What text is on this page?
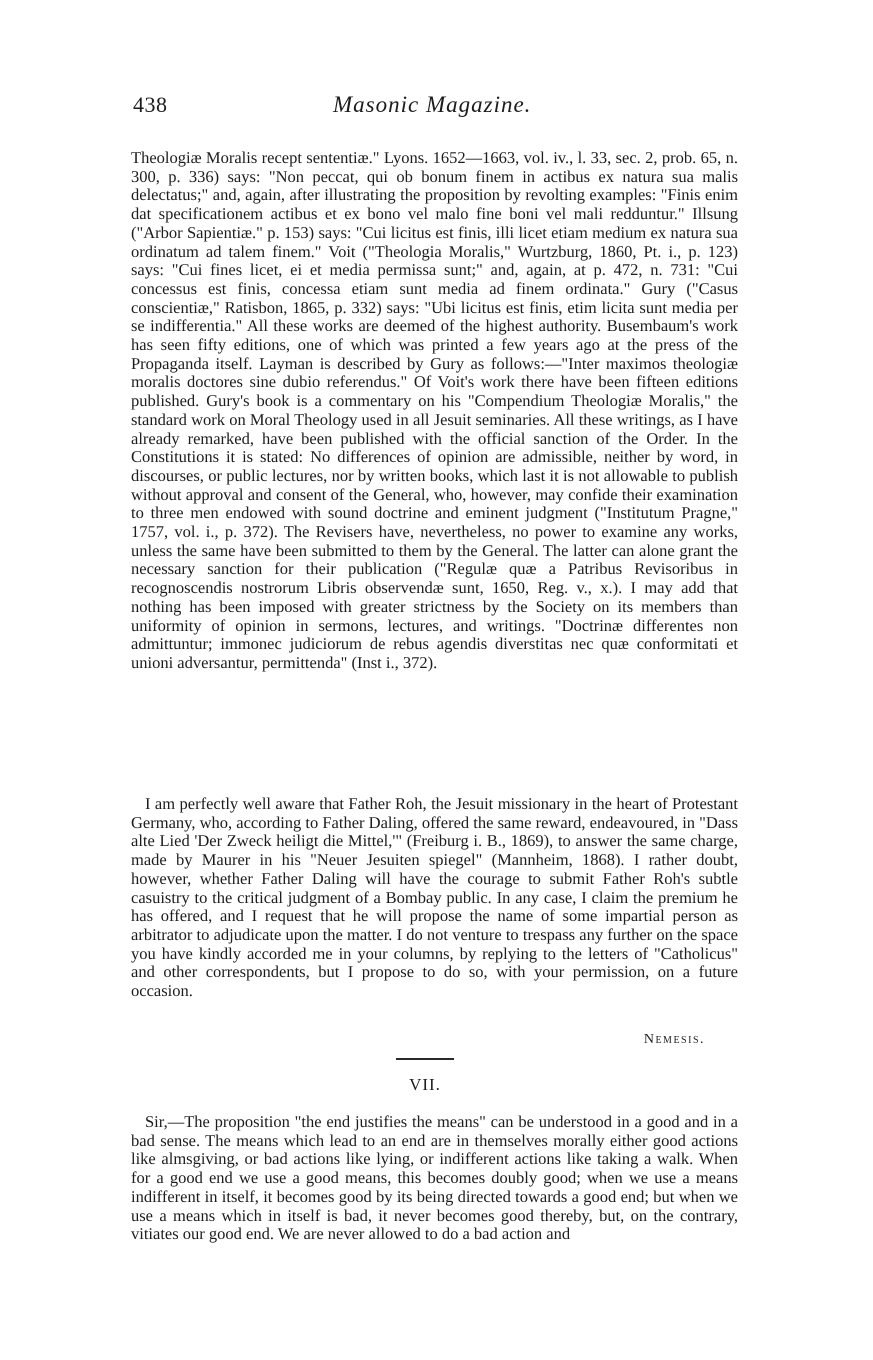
438	Masonic Magazine.

Theologiæ Moralis recept sententiæ." Lyons. 1652—1663, vol. iv., l. 33, sec. 2, prob. 65, n. 300, p. 336) says: "Non peccat, qui ob bonum finem in actibus ex natura sua malis delectatus;" and, again, after illustrating the proposition by revolting examples: "Finis enim dat specificationem actibus et ex bono vel malo fine boni vel mali redduntur." Illsung ("Arbor Sapientiæ." p. 153) says: "Cui licitus est finis, illi licet etiam medium ex natura sua ordinatum ad talem finem." Voit ("Theologia Moralis," Wurtzburg, 1860, Pt. i., p. 123) says: "Cui fines licet, ei et media permissa sunt;" and, again, at p. 472, n. 731: "Cui concessus est finis, concessa etiam sunt media ad finem ordinata." Gury ("Casus conscientiæ," Ratisbon, 1865, p. 332) says: "Ubi licitus est finis, etim licita sunt media per se indifferentia." All these works are deemed of the highest authority. Busembaum's work has seen fifty editions, one of which was printed a few years ago at the press of the Propaganda itself. Layman is described by Gury as follows:—"Inter maximos theologiæ moralis doctores sine dubio referendus." Of Voit's work there have been fifteen editions published. Gury's book is a commentary on his "Compendium Theologiæ Moralis," the standard work on Moral Theology used in all Jesuit seminaries. All these writings, as I have already remarked, have been published with the official sanction of the Order. In the Constitutions it is stated: No differences of opinion are admissible, neither by word, in discourses, or public lectures, nor by written books, which last it is not allowable to publish without approval and consent of the General, who, however, may confide their examination to three men endowed with sound doctrine and eminent judgment ("Institutum Pragne," 1757, vol. i., p. 372). The Revisers have, nevertheless, no power to examine any works, unless the same have been submitted to them by the General. The latter can alone grant the necessary sanction for their publication ("Regulæ quæ a Patribus Revisoribus in recognoscendis nostrorum Libris observendæ sunt, 1650, Reg. v., x.). I may add that nothing has been imposed with greater strictness by the Society on its members than uniformity of opinion in sermons, lectures, and writings. "Doctrinæ differentes non admittuntur; immonec judiciorum de rebus agendis diverstitas nec quæ conformitati et unioni adversantur, permittenda" (Inst i., 372).

I am perfectly well aware that Father Roh, the Jesuit missionary in the heart of Protestant Germany, who, according to Father Daling, offered the same reward, endeavoured, in "Dass alte Lied 'Der Zweck heiligt die Mittel,'" (Freiburg i. B., 1869), to answer the same charge, made by Maurer in his "Neuer Jesuiten spiegel" (Mannheim, 1868). I rather doubt, however, whether Father Daling will have the courage to submit Father Roh's subtle casuistry to the critical judgment of a Bombay public. In any case, I claim the premium he has offered, and I request that he will propose the name of some impartial person as arbitrator to adjudicate upon the matter. I do not venture to trespass any further on the space you have kindly accorded me in your columns, by replying to the letters of "Catholicus" and other correspondents, but I propose to do so, with your permission, on a future occasion.

Nemesis.
VII.

Sir,—The proposition "the end justifies the means" can be understood in a good and in a bad sense. The means which lead to an end are in themselves morally either good actions like almsgiving, or bad actions like lying, or indifferent actions like taking a walk. When for a good end we use a good means, this becomes doubly good; when we use a means indifferent in itself, it becomes good by its being directed towards a good end; but when we use a means which in itself is bad, it never becomes good thereby, but, on the contrary, vitiates our good end. We are never allowed to do a bad action and
